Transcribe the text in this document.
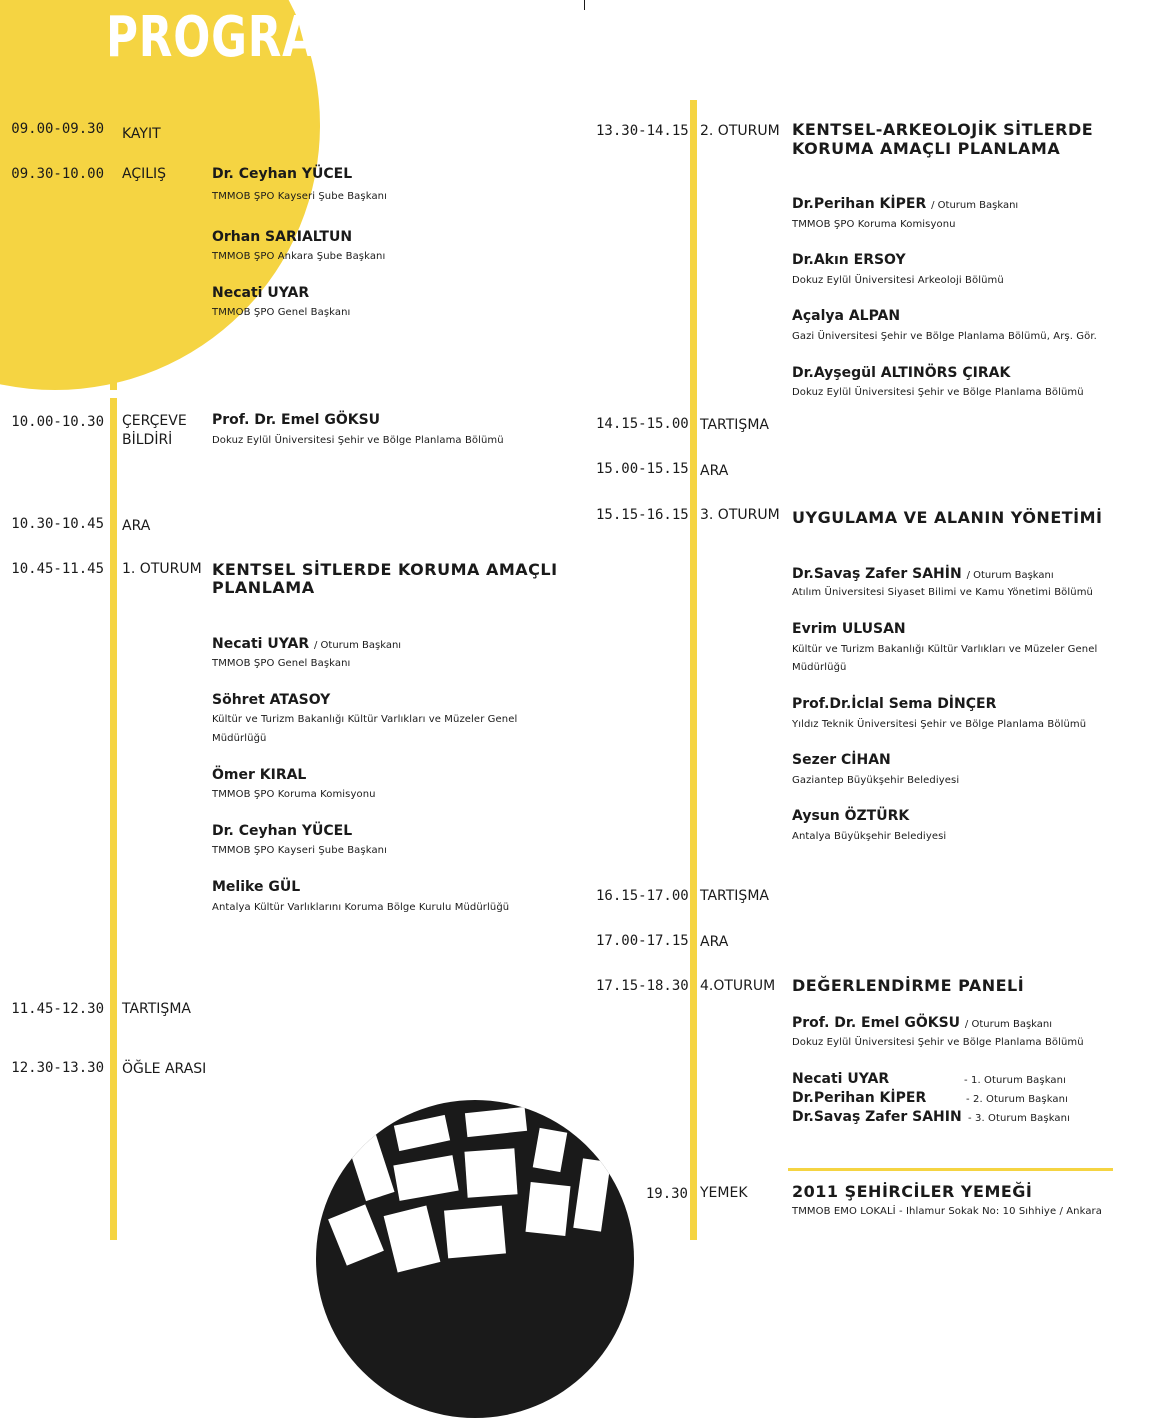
PROGRAM
09.00-09.30 KAYIT
09.30-10.00 AÇILIŞ	Dr. Ceyhan YÜCEL
TMMOB ŞPO Kayseri Şube Başkanı
Orhan SARIALTUN
TMMOB ŞPO Ankara Şube Başkanı
Necati UYAR
TMMOB ŞPO Genel Başkanı
10.00-10.30 ÇERÇEVE
BİLDİRİ
Prof. Dr. Emel GÖKSU
Dokuz Eylül Üniversitesi Şehir ve Bölge Planlama Bölümü
10.30-10.45 ARA
10.45-11.45 1. OTURUM KENTSEL SİTLERDE KORUMA AMAÇLI
PLANLAMA
Necati UYAR / Oturum Başkanı
TMMOB ŞPO Genel Başkanı
Söhret ATASOY
Kültür ve Turizm Bakanlığı Kültür Varlıkları ve Müzeler Genel
Müdürlüğü
Ömer KIRAL
TMMOB ŞPO Koruma Komisyonu
Dr. Ceyhan YÜCEL
TMMOB ŞPO Kayseri Şube Başkanı
Melike GÜL
Antalya Kültür Varlıklarını Koruma Bölge Kurulu Müdürlüğü
11.45-12.30 TARTIŞMA
12.30-13.30 ÖĞLE ARASI
13.30-14.15 2. OTURUM KENTSEL-ARKEOLOJİK SİTLERDE
KORUMA AMAÇLI PLANLAMA
Dr.Perihan KİPER / Oturum Başkanı
TMMOB ŞPO Koruma Komisyonu
Dr.Akın ERSOY
Dokuz Eylül Üniversitesi Arkeoloji Bölümü
Açalya ALPAN
Gazi Üniversitesi Şehir ve Bölge Planlama Bölümü, Arş. Gör.
Dr.Ayşegül ALTINÖRS ÇIRAK
Dokuz Eylül Üniversitesi Şehir ve Bölge Planlama Bölümü
14.15-15.00 TARTIŞMA
15.00-15.15 ARA
15.15-16.15 3. OTURUM UYGULAMA VE ALANIN YÖNETİMİ
Dr.Savaş Zafer SAHİN / Oturum Başkanı
Atılım Üniversitesi Siyaset Bilimi ve Kamu Yönetimi Bölümü
Evrim ULUSAN
Kültür ve Turizm Bakanlığı Kültür Varlıkları ve Müzeler Genel
Müdürlüğü
Prof.Dr.İclal Sema DİNÇER
Yıldız Teknik Üniversitesi Şehir ve Bölge Planlama Bölümü
Sezer CİHAN
Gaziantep Büyükşehir Belediyesi
Aysun ÖZTÜRK
Antalya Büyükşehir Belediyesi
16.15-17.00 TARTIŞMA
17.00-17.15 ARA
17.15-18.30 4.OTURUM DEĞERLENDİRME PANELİ
Prof. Dr. Emel GÖKSU / Oturum Başkanı
Dokuz Eylül Üniversitesi Şehir ve Bölge Planlama Bölümü
Necati UYAR	- 1. Oturum Başkanı
Dr.Perihan KİPER	- 2. Oturum Başkanı
Dr.Savaş Zafer SAHIN - 3. Oturum Başkanı
19.30 YEMEK	2011 ŞEHİRCİLER YEMEĞİ
TMMOB EMO LOKALİ - Ihlamur Sokak No: 10 Sıhhiye / Ankara
